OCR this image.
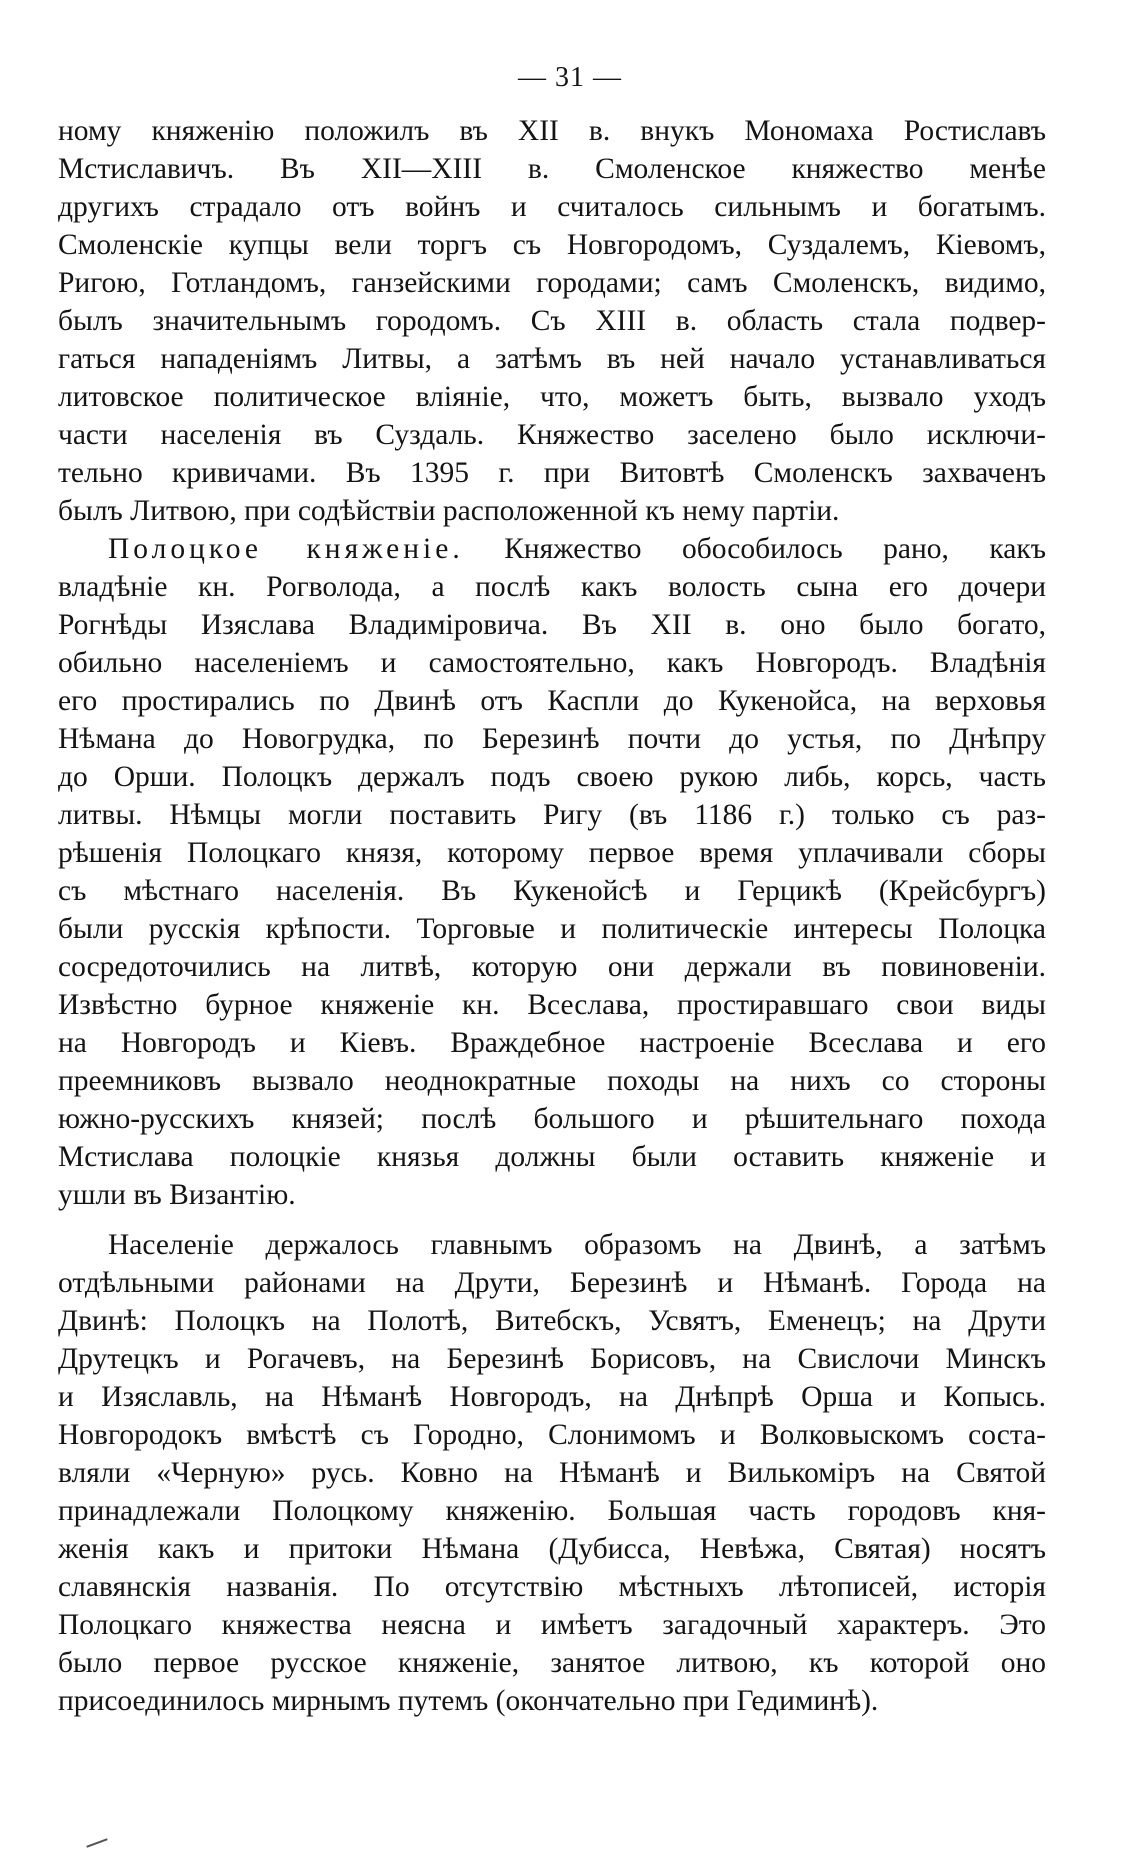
— 31 —
ному княженію положилъ въ XII в. внукъ Мономаха Ростиславъ
Мстиславичъ. Въ XII—XIII в. Смоленское княжество менѣе
другихъ страдало отъ войнъ и считалось сильнымъ и богатымъ.
Смоленскіе купцы вели торгъ съ Новгородомъ, Суздалемъ, Кіевомъ,
Ригою, Готландомъ, ганзейскими городами; самъ Смоленскъ, видимо,
былъ значительнымъ городомъ. Съ XIII в. область стала подвер-
гаться нападеніямъ Литвы, а затѣмъ въ ней начало устанавливаться
литовское политическое вліяніе, что, можетъ быть, вызвало уходъ
части населенія въ Суздаль. Княжество заселено было исключи-
тельно кривичами. Въ 1395 г. при Витовтѣ Смоленскъ захваченъ
былъ Литвою, при содѣйствіи расположенной къ нему партіи.
Полоцкое княженіе. Княжество обособилось рано, какъ
владѣніе кн. Рогволода, а послѣ какъ волость сына его дочери
Рогнѣды Изяслава Владиміровича. Въ XII в. оно было богато,
обильно населеніемъ и самостоятельно, какъ Новгородъ. Владѣнія
его простирались по Двинѣ отъ Каспли до Кукенойса, на верховья
Нѣмана до Новогрудка, по Березинѣ почти до устья, по Днѣпру
до Орши. Полоцкъ держалъ подъ своею рукою либь, корсь, часть
литвы. Нѣмцы могли поставить Ригу (въ 1186 г.) только съ раз-
рѣшенія Полоцкаго князя, которому первое время уплачивали сборы
съ мѣстнаго населенія. Въ Кукенойсѣ и Герцикѣ (Крейсбургъ)
были русскія крѣпости. Торговые и политическіе интересы Полоцка
сосредоточились на литвѣ, которую они держали въ повиновеніи.
Извѣстно бурное княженіе кн. Всеслава, простиравшаго свои виды
на Новгородъ и Кіевъ. Враждебное настроеніе Всеслава и его
преемниковъ вызвало неоднократные походы на нихъ со стороны
южно-русскихъ князей; послѣ большого и рѣшительнаго похода
Мстислава полоцкіе князья должны были оставить княженіе и
ушли въ Византію.
Населеніе держалось главнымъ образомъ на Двинѣ, а затѣмъ
отдѣльными районами на Друти, Березинѣ и Нѣманѣ. Города на
Двинѣ: Полоцкъ на Полотѣ, Витебскъ, Усвятъ, Еменецъ; на Друти
Друтецкъ и Рогачевъ, на Березинѣ Борисовъ, на Свислочи Минскъ
и Изяславль, на Нѣманѣ Новгородъ, на Днѣпрѣ Орша и Копысь.
Новгородокъ вмѣстѣ съ Городно, Слонимомъ и Волковыскомъ соста-
вляли «Черную» русь. Ковно на Нѣманѣ и Вилькоміръ на Святой
принадлежали Полоцкому княженію. Большая часть городовъ кня-
женія какъ и притоки Нѣмана (Дубисса, Невѣжа, Святая) носятъ
славянскія названія. По отсутствію мѣстныхъ лѣтописей, исторія
Полоцкаго княжества неясна и имѣетъ загадочный характеръ. Это
было первое русское княженіе, занятое литвою, къ которой оно
присоединилось мирнымъ путемъ (окончательно при Гедиминѣ).
